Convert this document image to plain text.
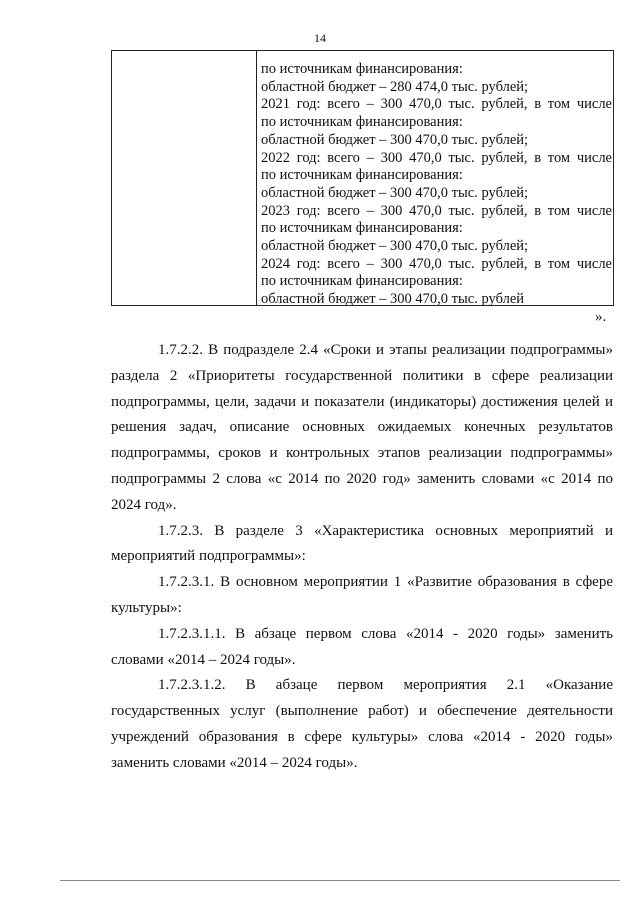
14
по источникам финансирования:
областной бюджет – 280 474,0 тыс. рублей;
2021 год: всего – 300 470,0 тыс. рублей, в том числе
по источникам финансирования:
областной бюджет – 300 470,0 тыс. рублей;
2022 год: всего – 300 470,0 тыс. рублей, в том числе
по источникам финансирования:
областной бюджет – 300 470,0 тыс. рублей;
2023 год: всего – 300 470,0 тыс. рублей, в том числе
по источникам финансирования:
областной бюджет – 300 470,0 тыс. рублей;
2024 год: всего – 300 470,0 тыс. рублей, в том числе
по источникам финансирования:
областной бюджет – 300 470,0 тыс. рублей
».
1.7.2.2. В подразделе 2.4 «Сроки и этапы реализации подпрограммы»
раздела 2 «Приоритеты государственной политики в сфере реализации
подпрограммы, цели, задачи и показатели (индикаторы) достижения целей и
решения задач, описание основных ожидаемых конечных результатов
подпрограммы, сроков и контрольных этапов реализации подпрограммы»
подпрограммы 2 слова «с 2014 по 2020 год» заменить словами «с 2014 по
2024 год».
1.7.2.3. В разделе 3 «Характеристика основных мероприятий и
мероприятий подпрограммы»:
1.7.2.3.1. В основном мероприятии 1 «Развитие образования в сфере
культуры»:
1.7.2.3.1.1. В абзаце первом слова «2014 - 2020 годы» заменить
словами «2014 – 2024 годы».
1.7.2.3.1.2. В абзаце первом мероприятия 2.1 «Оказание
государственных услуг (выполнение работ) и обеспечение деятельности
учреждений образования в сфере культуры» слова «2014 - 2020 годы»
заменить словами «2014 – 2024 годы».
